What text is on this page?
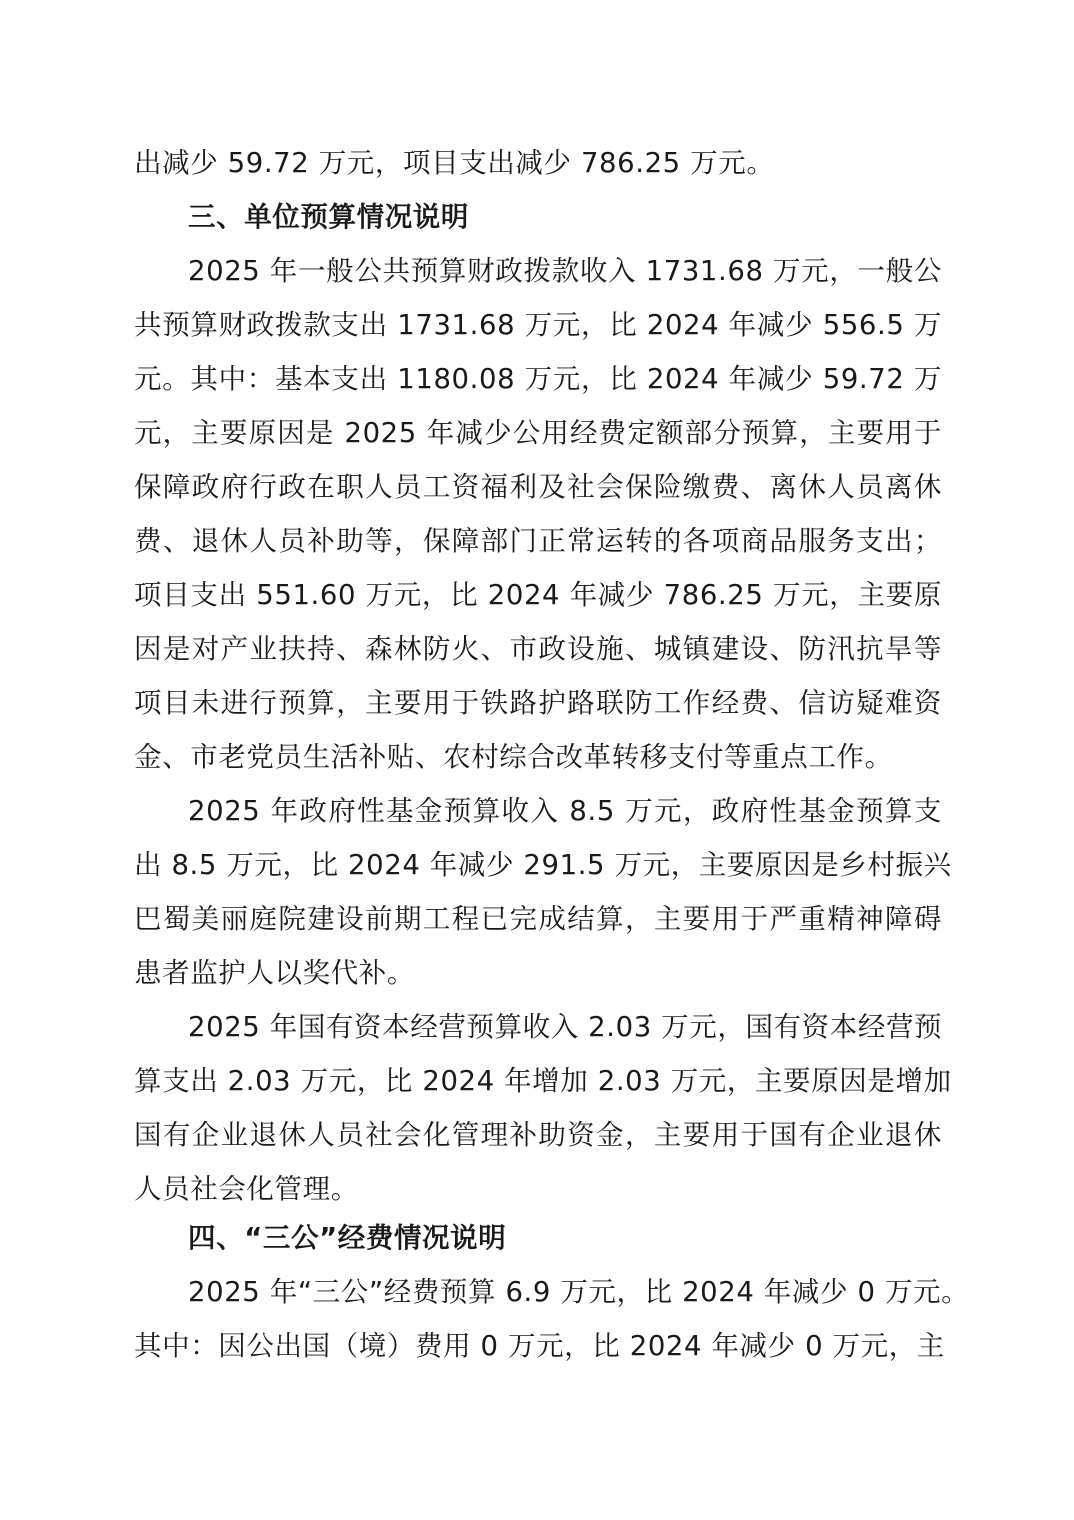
出减少 59.72 万元，项目支出减少 786.25 万元。
三、单位预算情况说明
2025 年一般公共预算财政拨款收入 1731.68 万元，一般公
共预算财政拨款支出 1731.68 万元，比 2024 年减少 556.5 万
元。其中：基本支出 1180.08 万元，比 2024 年减少 59.72 万
元，主要原因是 2025 年减少公用经费定额部分预算，主要用于
保障政府行政在职人员工资福利及社会保险缴费、离休人员离休
费、退休人员补助等，保障部门正常运转的各项商品服务支出；
项目支出 551.60 万元，比 2024 年减少 786.25 万元，主要原
因是对产业扶持、森林防火、市政设施、城镇建设、防汛抗旱等
项目未进行预算，主要用于铁路护路联防工作经费、信访疑难资
金、市老党员生活补贴、农村综合改革转移支付等重点工作。
2025 年政府性基金预算收入 8.5 万元，政府性基金预算支
出 8.5 万元，比 2024 年减少 291.5 万元，主要原因是乡村振兴
巴蜀美丽庭院建设前期工程已完成结算，主要用于严重精神障碍
患者监护人以奖代补。
2025 年国有资本经营预算收入 2.03 万元，国有资本经营预
算支出 2.03 万元，比 2024 年增加 2.03 万元，主要原因是增加
国有企业退休人员社会化管理补助资金，主要用于国有企业退休
人员社会化管理。
四、“三公”经费情况说明
2025 年“三公”经费预算 6.9 万元，比 2024 年减少 0 万元。
其中：因公出国（境）费用 0 万元，比 2024 年减少 0 万元，主
